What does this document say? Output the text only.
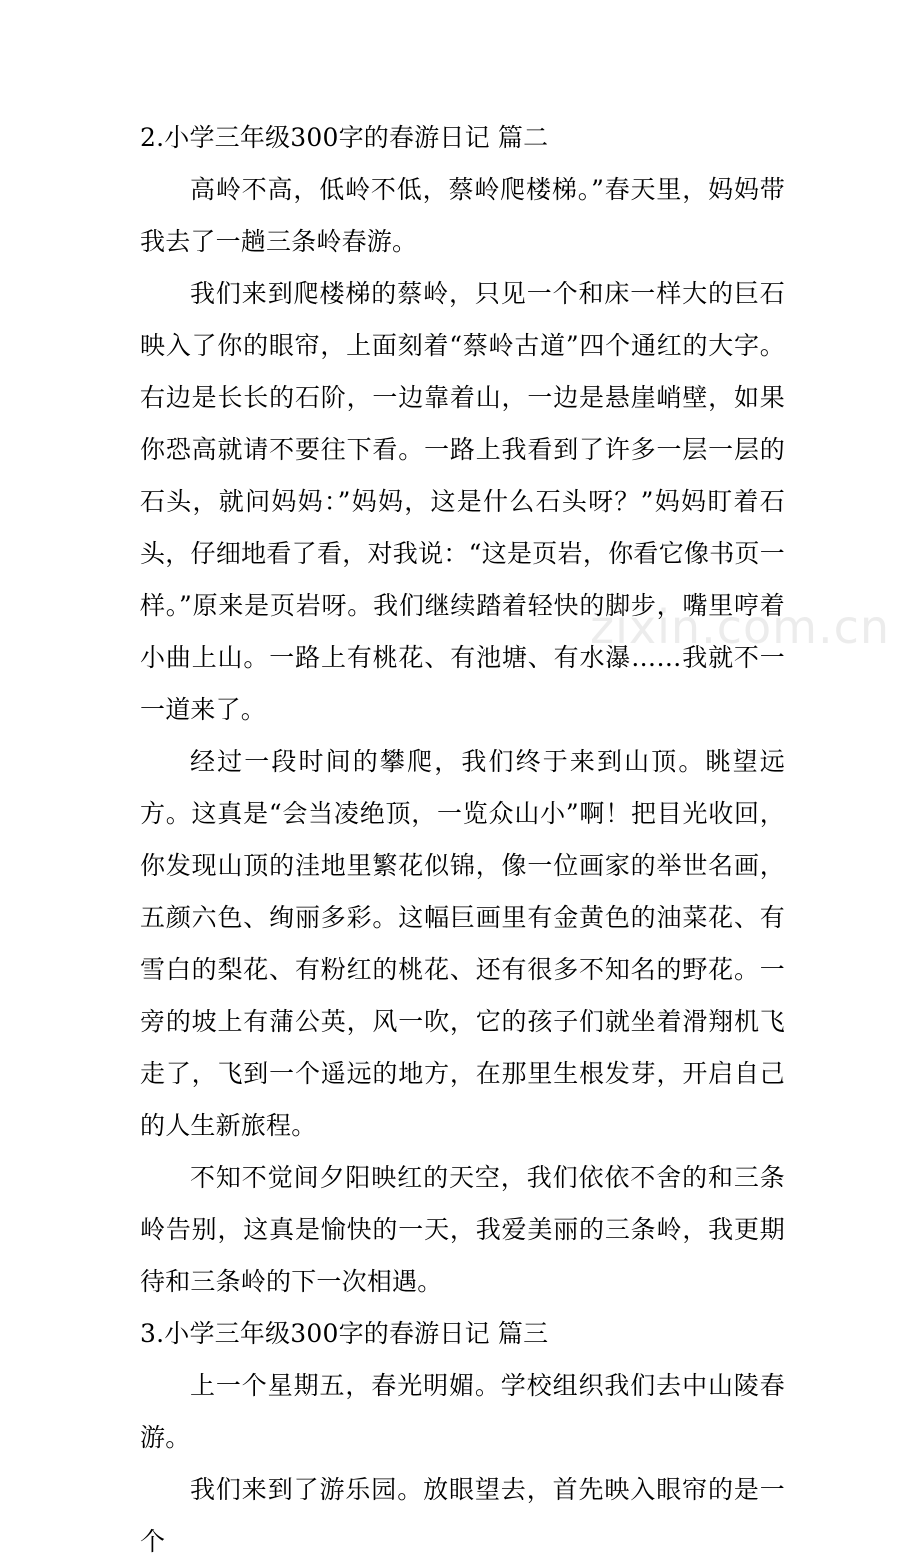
2.小学三年级300字的春游日记 篇二

高岭不高，低岭不低，蔡岭爬楼梯。”春天里，妈妈带我去了一趟三条岭春游。

我们来到爬楼梯的蔡岭，只见一个和床一样大的巨石映入了你的眼帘，上面刻着“蔡岭古道”四个通红的大字。右边是长长的石阶，一边靠着山，一边是悬崖峭壁，如果你恐高就请不要往下看。一路上我看到了许多一层一层的石头，就问妈妈：”妈妈，这是什么石头呀？”妈妈盯着石头，仔细地看了看，对我说：“这是页岩，你看它像书页一样。”原来是页岩呀。我们继续踏着轻快的脚步，嘴里哼着小曲上山。一路上有桃花、有池塘、有水瀑……我就不一一道来了。

经过一段时间的攀爬，我们终于来到山顶。眺望远方。这真是“会当凌绝顶，一览众山小”啊！把目光收回，你发现山顶的洼地里繁花似锦，像一位画家的举世名画，五颜六色、绚丽多彩。这幅巨画里有金黄色的油菜花、有雪白的梨花、有粉红的桃花、还有很多不知名的野花。一旁的坡上有蒲公英，风一吹，它的孩子们就坐着滑翔机飞走了，飞到一个遥远的地方，在那里生根发芽，开启自己的人生新旅程。

不知不觉间夕阳映红的天空，我们依依不舍的和三条岭告别，这真是愉快的一天，我爱美丽的三条岭，我更期待和三条岭的下一次相遇。

3.小学三年级300字的春游日记 篇三

上一个星期五，春光明媚。学校组织我们去中山陵春游。

我们来到了游乐园。放眼望去，首先映入眼帘的是一个

zixin.com.cn
